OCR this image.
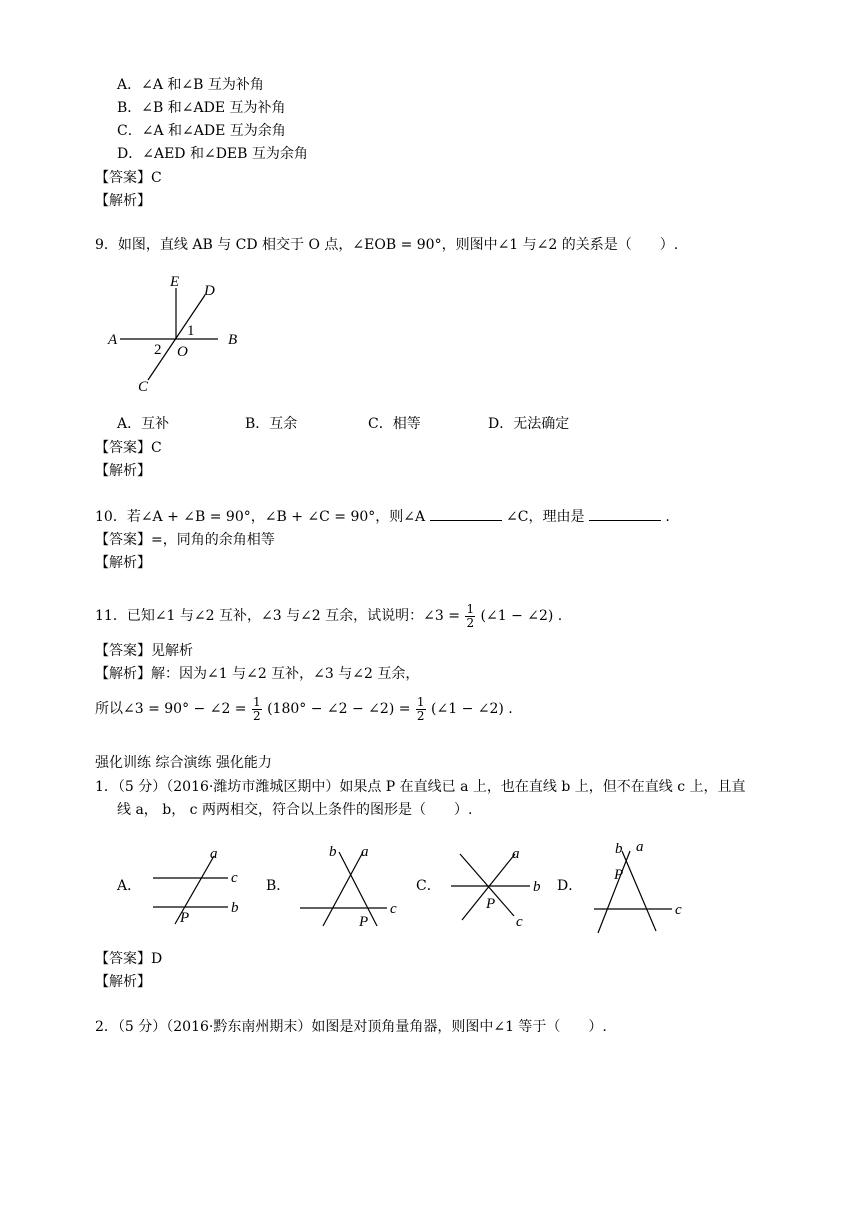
A．∠A 和∠B 互为补角
B．∠B 和∠ADE 互为补角
C．∠A 和∠ADE 互为余角
D．∠AED 和∠DEB 互为余角
【答案】C
【解析】
9．如图，直线 AB 与 CD 相交于 O 点，∠EOB = 90°，则图中∠1 与∠2 的关系是（　　）.
E
D
A	B
O
C
1
2
A．互补	B．互余	C．相等	D．无法确定
【答案】C
【解析】
10．若∠A + ∠B = 90°，∠B + ∠C = 90°，则∠A	∠C，理由是	.
【答案】=，同角的余角相等
【解析】
11．已知∠1 与∠2 互补，∠3 与∠2 互余，试说明：∠3 = $\frac{1}{2}$ (∠1 − ∠2) .
【答案】见解析
【解析】解：因为∠1 与∠2 互补，∠3 与∠2 互余，
所以∠3 = 90° − ∠2 = $\frac{1}{2} (180^\circ$ − ∠2 − ∠2) = $\frac{1}{2}$ (∠1 − ∠2) .
强化训练 综合演练 强化能力
1．（5 分）（2016·潍坊市潍城区期中）如果点 P 在直线已 a 上，也在直线 b 上，但不在直线 c 上，且直
线 a， b， c 两两相交，符合以上条件的图形是（　　）.
A．
a
c
b
P
B．
b a
c
P
C．
a
b
c
P
D．
b a
P
c
【答案】D
【解析】
2．（5 分）（2016·黔东南州期末）如图是对顶角量角器，则图中∠1 等于（　　）.
